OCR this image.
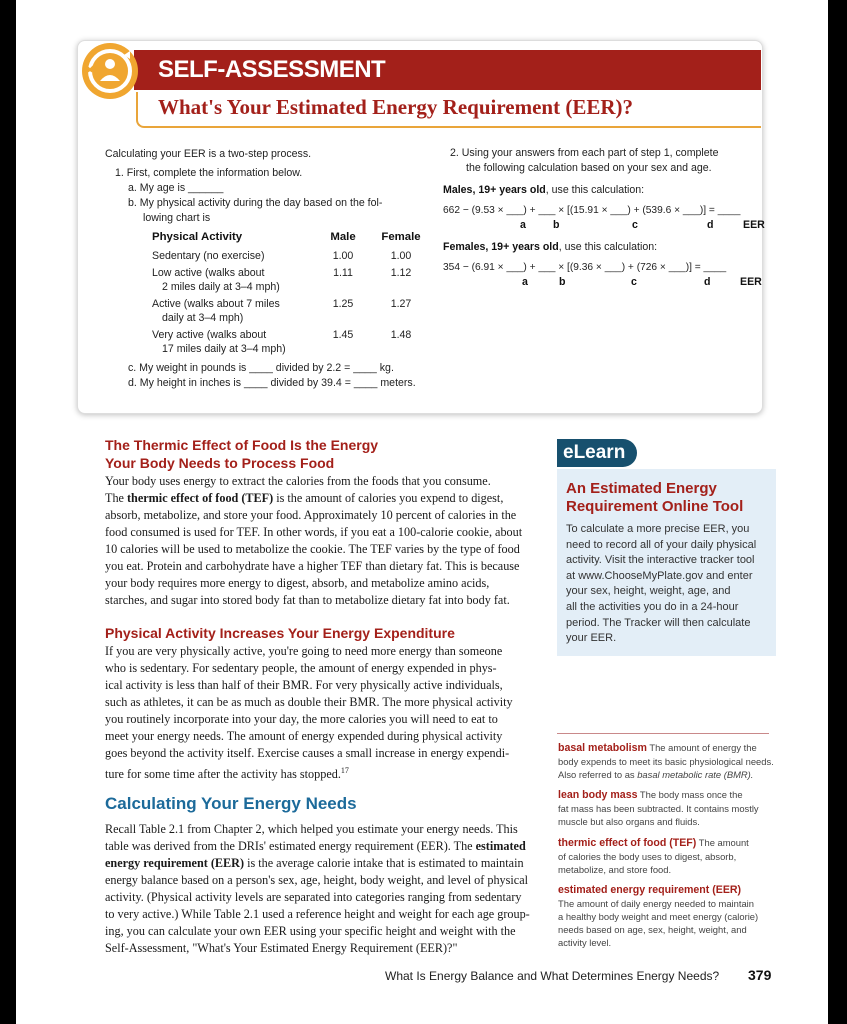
SELF-ASSESSMENT
What's Your Estimated Energy Requirement (EER)?
Calculating your EER is a two-step process.
1. First, complete the information below.
a. My age is ______
b. My physical activity during the day based on the fol-
lowing chart is
Physical Activity	Male	Female
Sedentary (no exercise)	1.00	1.00
Low active (walks about
2 miles daily at 3–4 mph)
1.11	1.12
Active (walks about 7 miles
daily at 3–4 mph)
1.25	1.27
Very active (walks about
17 miles daily at 3–4 mph)
1.45	1.48
c. My weight in pounds is ____ divided by 2.2 = ____ kg.
d. My height in inches is ____ divided by 39.4 = ____ meters.
2. Using your answers from each part of step 1, complete
the following calculation based on your sex and age.
Males, 19+ years old, use this calculation:
662 − (9.53 × ___) + ___ × [(15.91 × ___) + (539.6 × ___)] = ____
a	b	c	d	EER
Females, 19+ years old, use this calculation:
354 − (6.91 × ___) + ___ × [(9.36 × ___) + (726 × ___)] = ____
a	b	c	d	EER
The Thermic Effect of Food Is the Energy
Your Body Needs to Process Food
Your body uses energy to extract the calories from the foods that you consume.
The thermic effect of food (TEF) is the amount of calories you expend to digest,
absorb, metabolize, and store your food. Approximately 10 percent of calories in the
food consumed is used for TEF. In other words, if you eat a 100-calorie cookie, about
10 calories will be used to metabolize the cookie. The TEF varies by the type of food
you eat. Protein and carbohydrate have a higher TEF than dietary fat. This is because
your body requires more energy to digest, absorb, and metabolize amino acids,
starches, and sugar into stored body fat than to metabolize dietary fat into body fat.
Physical Activity Increases Your Energy Expenditure
If you are very physically active, you're going to need more energy than someone
who is sedentary. For sedentary people, the amount of energy expended in phys-
ical activity is less than half of their BMR. For very physically active individuals,
such as athletes, it can be as much as double their BMR. The more physical activity
you routinely incorporate into your day, the more calories you will need to eat to
meet your energy needs. The amount of energy expended during physical activity
goes beyond the activity itself. Exercise causes a small increase in energy expendi-
ture for some time after the activity has stopped.$^{17}$
Calculating Your Energy Needs
Recall Table 2.1 from Chapter 2, which helped you estimate your energy needs. This
table was derived from the DRIs' estimated energy requirement (EER). The estimated
energy requirement (EER) is the average calorie intake that is estimated to maintain
energy balance based on a person's sex, age, height, body weight, and level of physical
activity. (Physical activity levels are separated into categories ranging from sedentary
to very active.) While Table 2.1 used a reference height and weight for each age group-
ing, you can calculate your own EER using your specific height and weight with the
Self-Assessment, "What's Your Estimated Energy Requirement (EER)?"
eLearn
An Estimated Energy
Requirement Online Tool
To calculate a more precise EER, you
need to record all of your daily physical
activity. Visit the interactive tracker tool
at www.ChooseMyPlate.gov and enter
your sex, height, weight, age, and
all the activities you do in a 24-hour
period. The Tracker will then calculate
your EER.
basal metabolism The amount of energy the
body expends to meet its basic physiological needs.
Also referred to as basal metabolic rate (BMR).
lean body mass The body mass once the
fat mass has been subtracted. It contains mostly
muscle but also organs and fluids.
thermic effect of food (TEF) The amount
of calories the body uses to digest, absorb,
metabolize, and store food.
estimated energy requirement (EER)
The amount of daily energy needed to maintain
a healthy body weight and meet energy (calorie)
needs based on age, sex, height, weight, and
activity level.
What Is Energy Balance and What Determines Energy Needs? 379
